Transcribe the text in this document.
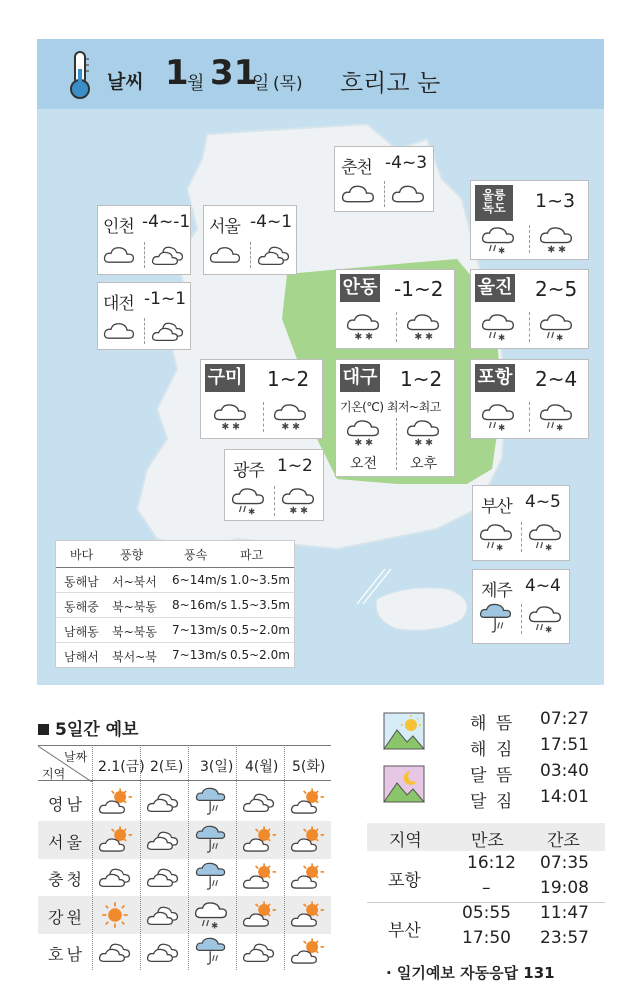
날씨 1
월 31
일 (목) 흐리고 눈
춘천 -4~3
인천 -4~-1 서울 -4~1
대전 -1~1
울릉 독도	1~3
안동 -1~2 울진 2~5
구미 1~2 대구 1~2
기온(℃) 최저~최고
오전 오후
포항 2~4
광주 1~2
부산 4~5
제주 4~4
바다 풍향	풍속	파고
동해남 서~북서 6~14m/s 1.0~3.5m
동해중 북~북동 8~16m/s 1.5~3.5m
남해동 북~북동 7~13m/s 0.5~2.0m
남해서 북서~북 7~13m/s 0.5~2.0m
5일간 예보
날짜
지역 2.1(금) 2(토) 3(일) 4(월) 5(화)
영남
서울
충청
강원
호남
해 뜸 07:27
해 짐 17:51
달 뜸 03:40
달 짐 14:01
지역	만조	간조
포항
16:12 07:35
–	19:08
부산
05:55 11:47
17:50 23:57
· 일기예보 자동응답 131
